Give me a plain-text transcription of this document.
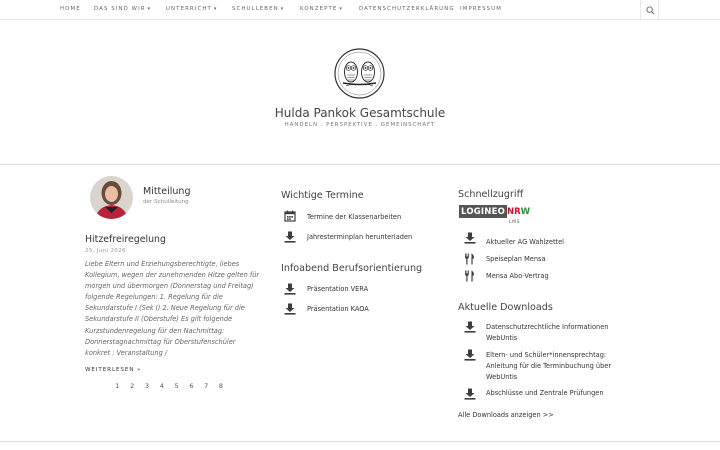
HOME DAS SIND WIR ▾	UNTERRICHT ▾	SCHULLEBEN ▾	KONZEPTE ▾	DATENSCHUTZERKLÄRUNG IMPRESSUM
Hulda Pankok Gesamtschule
HANDELN . PERSPEKTIVE . GEMEINSCHAFT
Mitteilung
der Schulleitung
Hitzefreiregelung
25. Juni 2026
Liebe Eltern und Erziehungsberechtigte, liebes Kollegium, wegen der zunehmenden Hitze gelten für morgen und übermorgen (Donnerstag und Freitag) folgende Regelungen: 1. Regelung für die Sekundarstufe I (Sek I) 2. Neue Regelung für die Sekundarstufe II (Oberstufe) Es gilt folgende Kurzstundenregelung für den Nachmittag: Donnerstagnachmittag für Oberstufenschüler konkret : Veranstaltung /
WEITERLESEN »
1	2	3	4	5	6	7	8
Wichtige Termine
Termine der Klassenarbeiten
Jahresterminplan herunterladen
Infoabend Berufsorientierung
Präsentation VERA
Präsentation KAOA
Schnellzugriff
LOGINEO NRW
LMS
Aktueller AG Wahlzettel
Speiseplan Mensa
Mensa Abo-Vertrag
Aktuelle Downloads
Datenschutzrechtliche Informationen WebUntis
Eltern- und Schüler*innensprechtag: Anleitung für die Terminbuchung über WebUntis
Abschlüsse und Zentrale Prüfungen
Alle Downloads anzeigen >>
